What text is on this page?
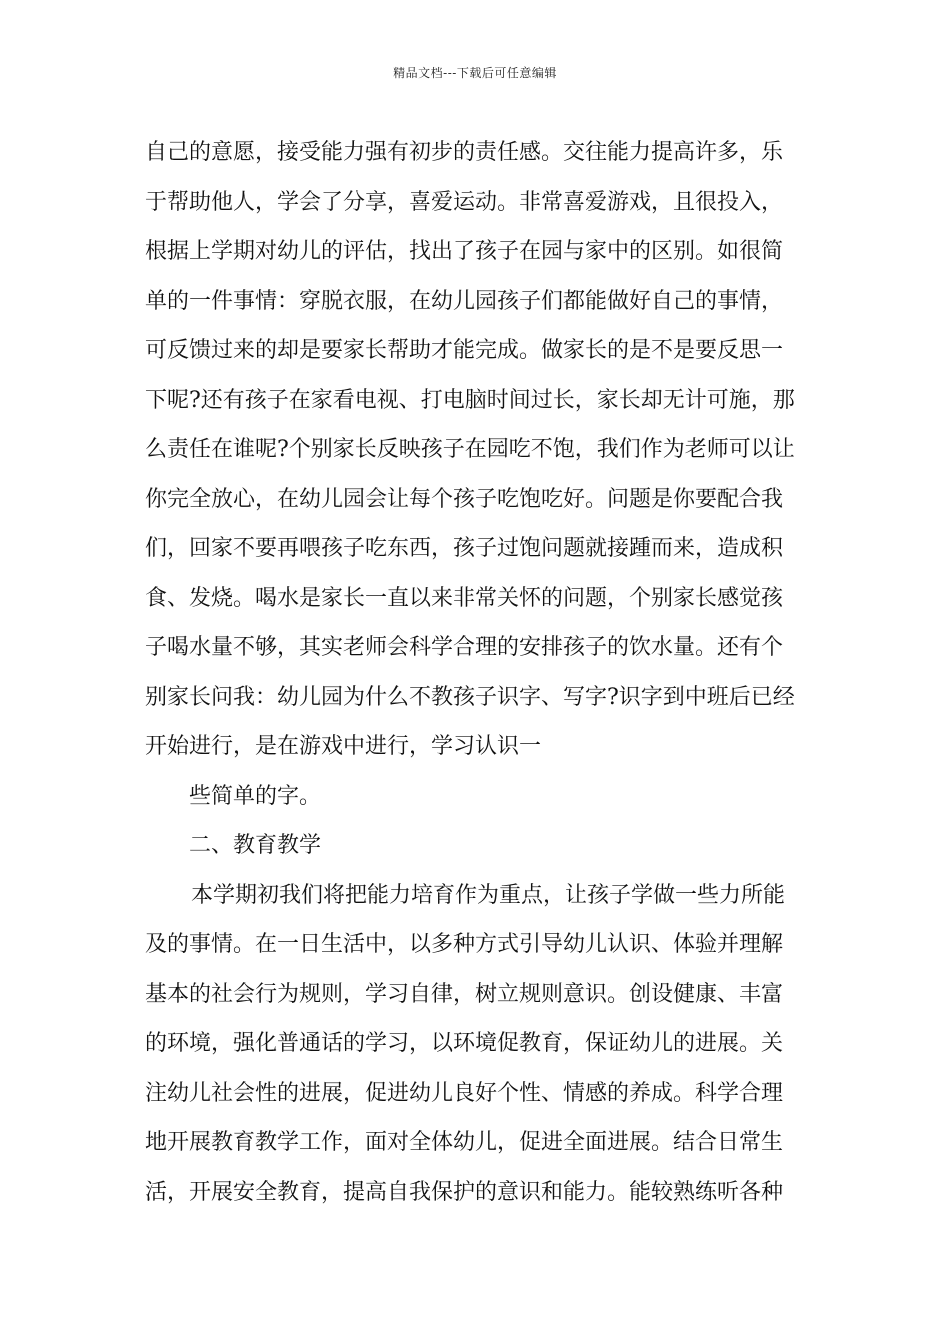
精品文档---下载后可任意编辑
自己的意愿，接受能力强有初步的责任感。交往能力提高许多，乐
于帮助他人，学会了分享，喜爱运动。非常喜爱游戏，且很投入，
根据上学期对幼儿的评估，找出了孩子在园与家中的区别。如很简
单的一件事情：穿脱衣服，在幼儿园孩子们都能做好自己的事情，
可反馈过来的却是要家长帮助才能完成。做家长的是不是要反思一
下呢?还有孩子在家看电视、打电脑时间过长，家长却无计可施，那
么责任在谁呢?个别家长反映孩子在园吃不饱，我们作为老师可以让
你完全放心，在幼儿园会让每个孩子吃饱吃好。问题是你要配合我
们，回家不要再喂孩子吃东西，孩子过饱问题就接踵而来，造成积
食、发烧。喝水是家长一直以来非常关怀的问题，个别家长感觉孩
子喝水量不够，其实老师会科学合理的安排孩子的饮水量。还有个
别家长问我：幼儿园为什么不教孩子识字、写字?识字到中班后已经
开始进行，是在游戏中进行，学习认识一
些简单的字。
二、教育教学
本学期初我们将把能力培育作为重点，让孩子学做一些力所能
及的事情。在一日生活中，以多种方式引导幼儿认识、体验并理解
基本的社会行为规则，学习自律，树立规则意识。创设健康、丰富
的环境，强化普通话的学习，以环境促教育，保证幼儿的进展。关
注幼儿社会性的进展，促进幼儿良好个性、情感的养成。科学合理
地开展教育教学工作，面对全体幼儿，促进全面进展。结合日常生
活，开展安全教育，提高自我保护的意识和能力。能较熟练听各种
